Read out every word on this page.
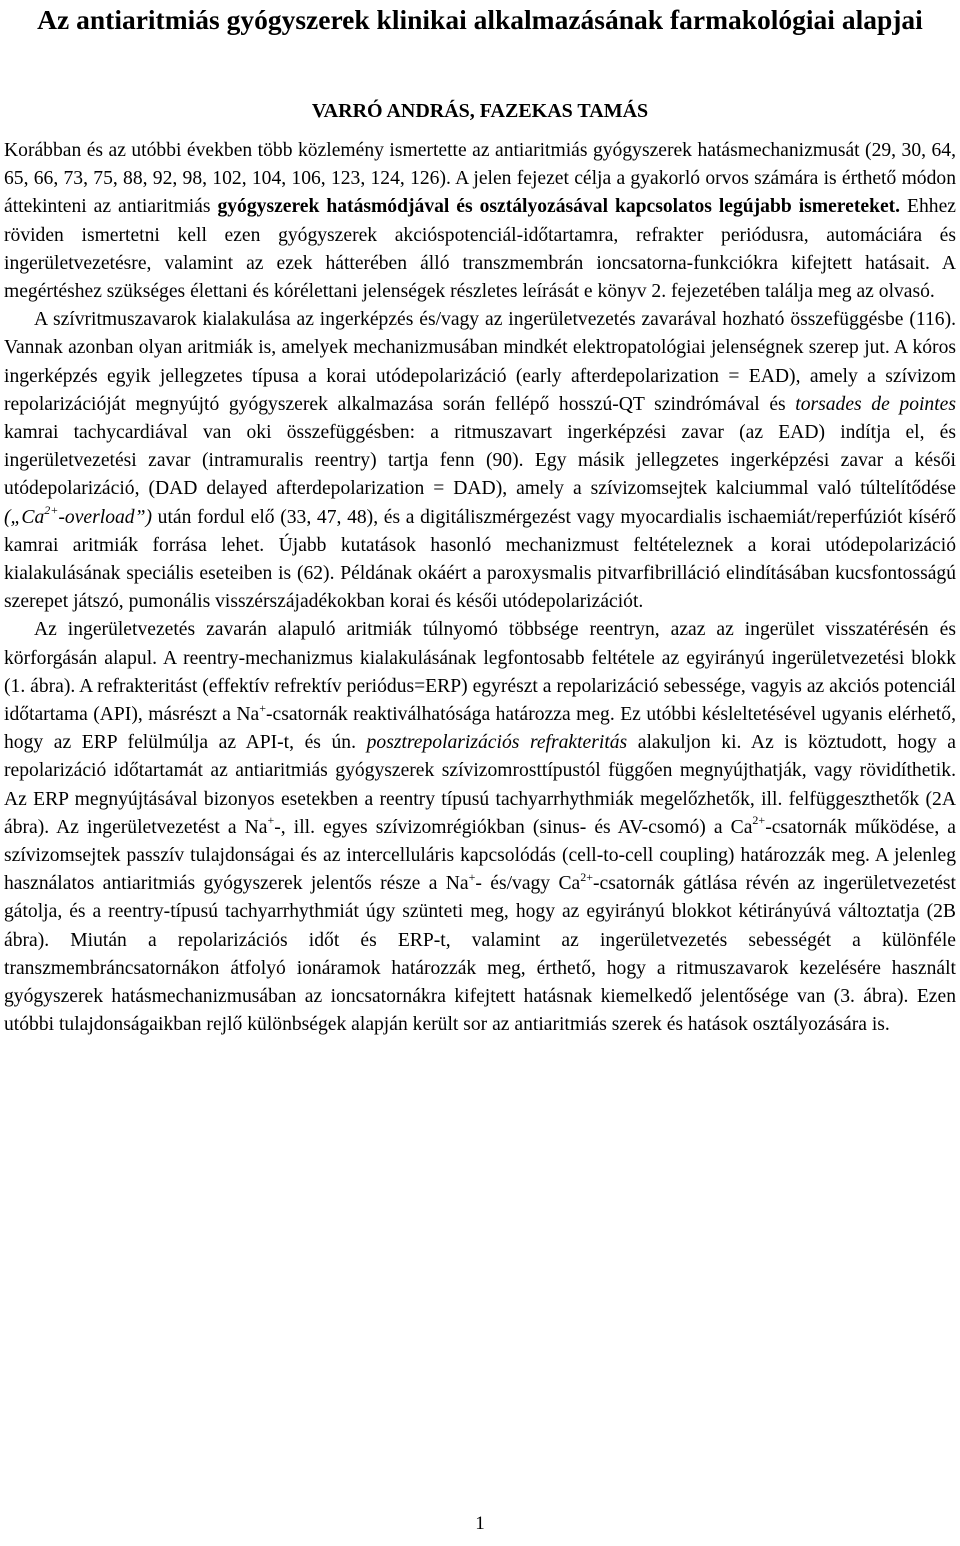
Az antiaritmiás gyógyszerek klinikai alkalmazásának farmakológiai alapjai
VARRÓ ANDRÁS, FAZEKAS TAMÁS

Korábban és az utóbbi években több közlemény ismertette az antiaritmiás gyógyszerek hatásmechanizmusát (29, 30, 64, 65, 66, 73, 75, 88, 92, 98, 102, 104, 106, 123, 124, 126). A jelen fejezet célja a gyakorló orvos számára is érthető módon áttekinteni az antiaritmiás gyógyszerek hatásmódjával és osztályozásával kapcsolatos legújabb ismereteket. Ehhez röviden ismertetni kell ezen gyógyszerek akcióspotenciál-időtartamra, refrakter periódusra, automáciára és ingerületvezetésre, valamint az ezek hátterében álló transzmembrán ioncsatorna-funkciókra kifejtett hatásait. A megértéshez szükséges élettani és kórélettani jelenségek részletes leírását e könyv 2. fejezetében találja meg az olvasó.

A szívritmuszavarok kialakulása az ingerképzés és/vagy az ingerületvezetés zavarával hozható összefüggésbe (116). Vannak azonban olyan aritmiák is, amelyek mechanizmusában mindkét elektropatológiai jelenségnek szerep jut. A kóros ingerképzés egyik jellegzetes típusa a korai utódepolarizáció (early afterdepolarization = EAD), amely a szívizom repolarizációját megnyújtó gyógyszerek alkalmazása során fellépő hosszú-QT szindrómával és torsades de pointes kamrai tachycardiával van oki összefüggésben: a ritmuszavart ingerképzési zavar (az EAD) indítja el, és ingerületvezetési zavar (intramuralis reentry) tartja fenn (90). Egy másik jellegzetes ingerképzési zavar a késői utódepolarizáció, (DAD delayed afterdepolarization = DAD), amely a szívizomsejtek kalciummal való túltelítődése $(„Ca^{2+}-overload”)$ után fordul elő (33, 47, 48), és a digitáliszmérgezést vagy myocardialis ischaemiát/reperfúziót kísérő kamrai aritmiák forrása lehet. Újabb kutatások hasonló mechanizmust feltételeznek a korai utódepolarizáció kialakulásának speciális eseteiben is (62). Példának okáért a paroxysmalis pitvarfibrilláció elindításában kucsfontosságú szerepet játszó, pumonális visszérszájadékokban korai és késői utódepolarizációt.

Az ingerületvezetés zavarán alapuló aritmiák túlnyomó többsége reentryn, azaz az ingerület visszatérésén és körforgásán alapul. A reentry-mechanizmus kialakulásának legfontosabb feltétele az egyirányú ingerületvezetési blokk (1. ábra). A refrakteritást (effektív refrektív periódus=ERP) egyrészt a repolarizáció sebessége, vagyis az akciós potenciál időtartama (API), másrészt a Na+-csatornák reaktiválhatósága határozza meg. Ez utóbbi késleltetésével ugyanis elérhető, hogy az ERP felülmúlja az API-t, és ún. posztrepolarizációs refrakteritás alakuljon ki. Az is köztudott, hogy a repolarizáció időtartamát az antiaritmiás gyógyszerek szívizomrosttípustól függően megnyújthatják, vagy rövidíthetik. Az ERP megnyújtásával bizonyos esetekben a reentry típusú tachyarrhythmiák megelőzhetők, ill. felfüggeszthetők (2A ábra). Az ingerületvezetést a Na+-, ill. egyes szívizomrégiókban (sinus- és AV-csomó) a $Ca^{2+}$-csatornák működése, a szívizomsejtek passzív tulajdonságai és az intercelluláris kapcsolódás (cell-to-cell coupling) határozzák meg. A jelenleg használatos antiaritmiás gyógyszerek jelentős része a Na+- és/vagy $Ca^{2+}$-csatornák gátlása révén az ingerületvezetést gátolja, és a reentry-típusú tachyarrhythmiát úgy szünteti meg, hogy az egyirányú blokkot kétirányúvá változtatja (2B ábra). Miután a repolarizációs időt és ERP-t, valamint az ingerületvezetés sebességét a különféle transzmembráncsatornákon átfolyó ionáramok határozzák meg, érthető, hogy a ritmuszavarok kezelésére használt gyógyszerek hatásmechanizmusában az ioncsatornákra kifejtett hatásnak kiemelkedő jelentősége van (3. ábra). Ezen utóbbi tulajdonságaikban rejlő különbségek alapján került sor az antiaritmiás szerek és hatások osztályozására is.

1
